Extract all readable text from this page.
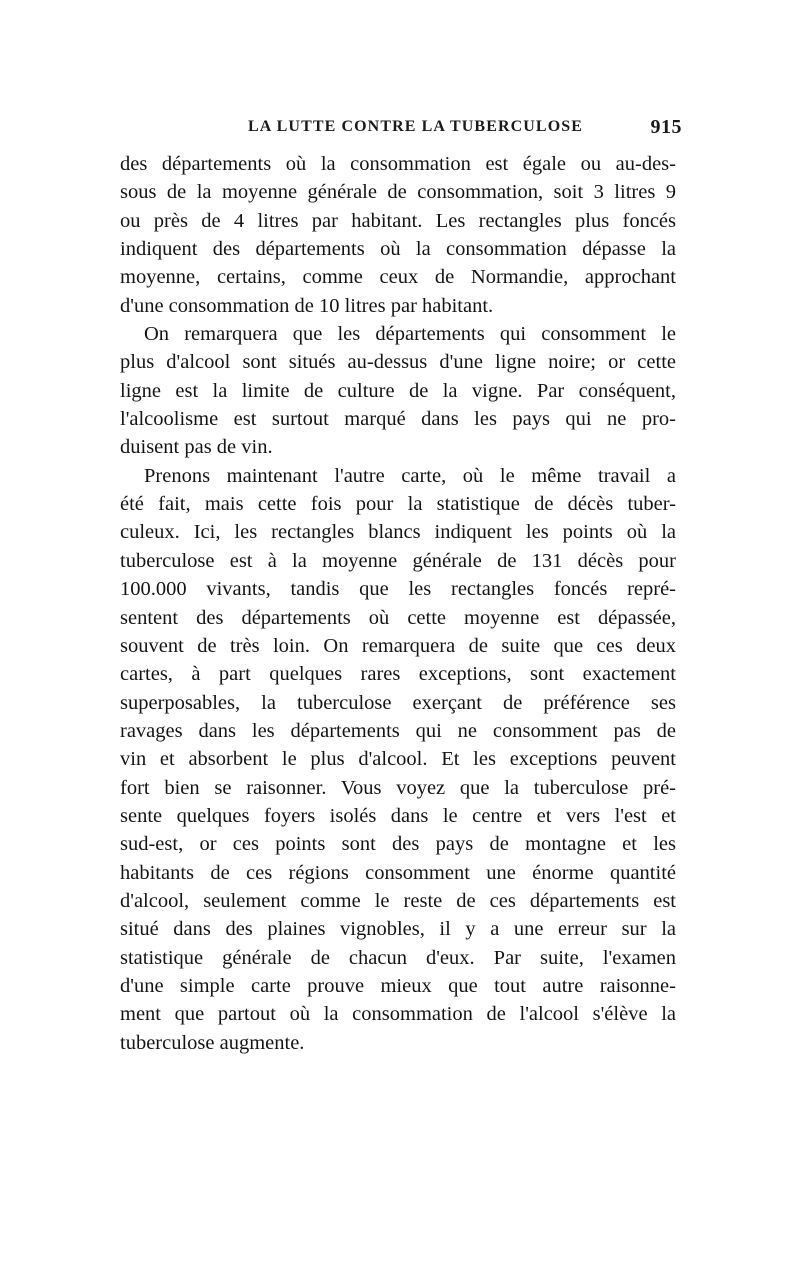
LA LUTTE CONTRE LA TUBERCULOSE	915
des départements où la consommation est égale ou au-des-
sous de la moyenne générale de consommation, soit 3 litres 9
ou près de 4 litres par habitant. Les rectangles plus foncés
indiquent des départements où la consommation dépasse la
moyenne, certains, comme ceux de Normandie, approchant
d'une consommation de 10 litres par habitant.
On remarquera que les départements qui consomment le
plus d'alcool sont situés au-dessus d'une ligne noire; or cette
ligne est la limite de culture de la vigne. Par conséquent,
l'alcoolisme est surtout marqué dans les pays qui ne pro-
duisent pas de vin.
Prenons maintenant l'autre carte, où le même travail a
été fait, mais cette fois pour la statistique de décès tuber-
culeux. Ici, les rectangles blancs indiquent les points où la
tuberculose est à la moyenne générale de 131 décès pour
100.000 vivants, tandis que les rectangles foncés repré-
sentent des départements où cette moyenne est dépassée,
souvent de très loin. On remarquera de suite que ces deux
cartes, à part quelques rares exceptions, sont exactement
superposables, la tuberculose exerçant de préférence ses
ravages dans les départements qui ne consomment pas de
vin et absorbent le plus d'alcool. Et les exceptions peuvent
fort bien se raisonner. Vous voyez que la tuberculose pré-
sente quelques foyers isolés dans le centre et vers l'est et
sud-est, or ces points sont des pays de montagne et les
habitants de ces régions consomment une énorme quantité
d'alcool, seulement comme le reste de ces départements est
situé dans des plaines vignobles, il y a une erreur sur la
statistique générale de chacun d'eux. Par suite, l'examen
d'une simple carte prouve mieux que tout autre raisonne-
ment que partout où la consommation de l'alcool s'élève la
tuberculose augmente.
